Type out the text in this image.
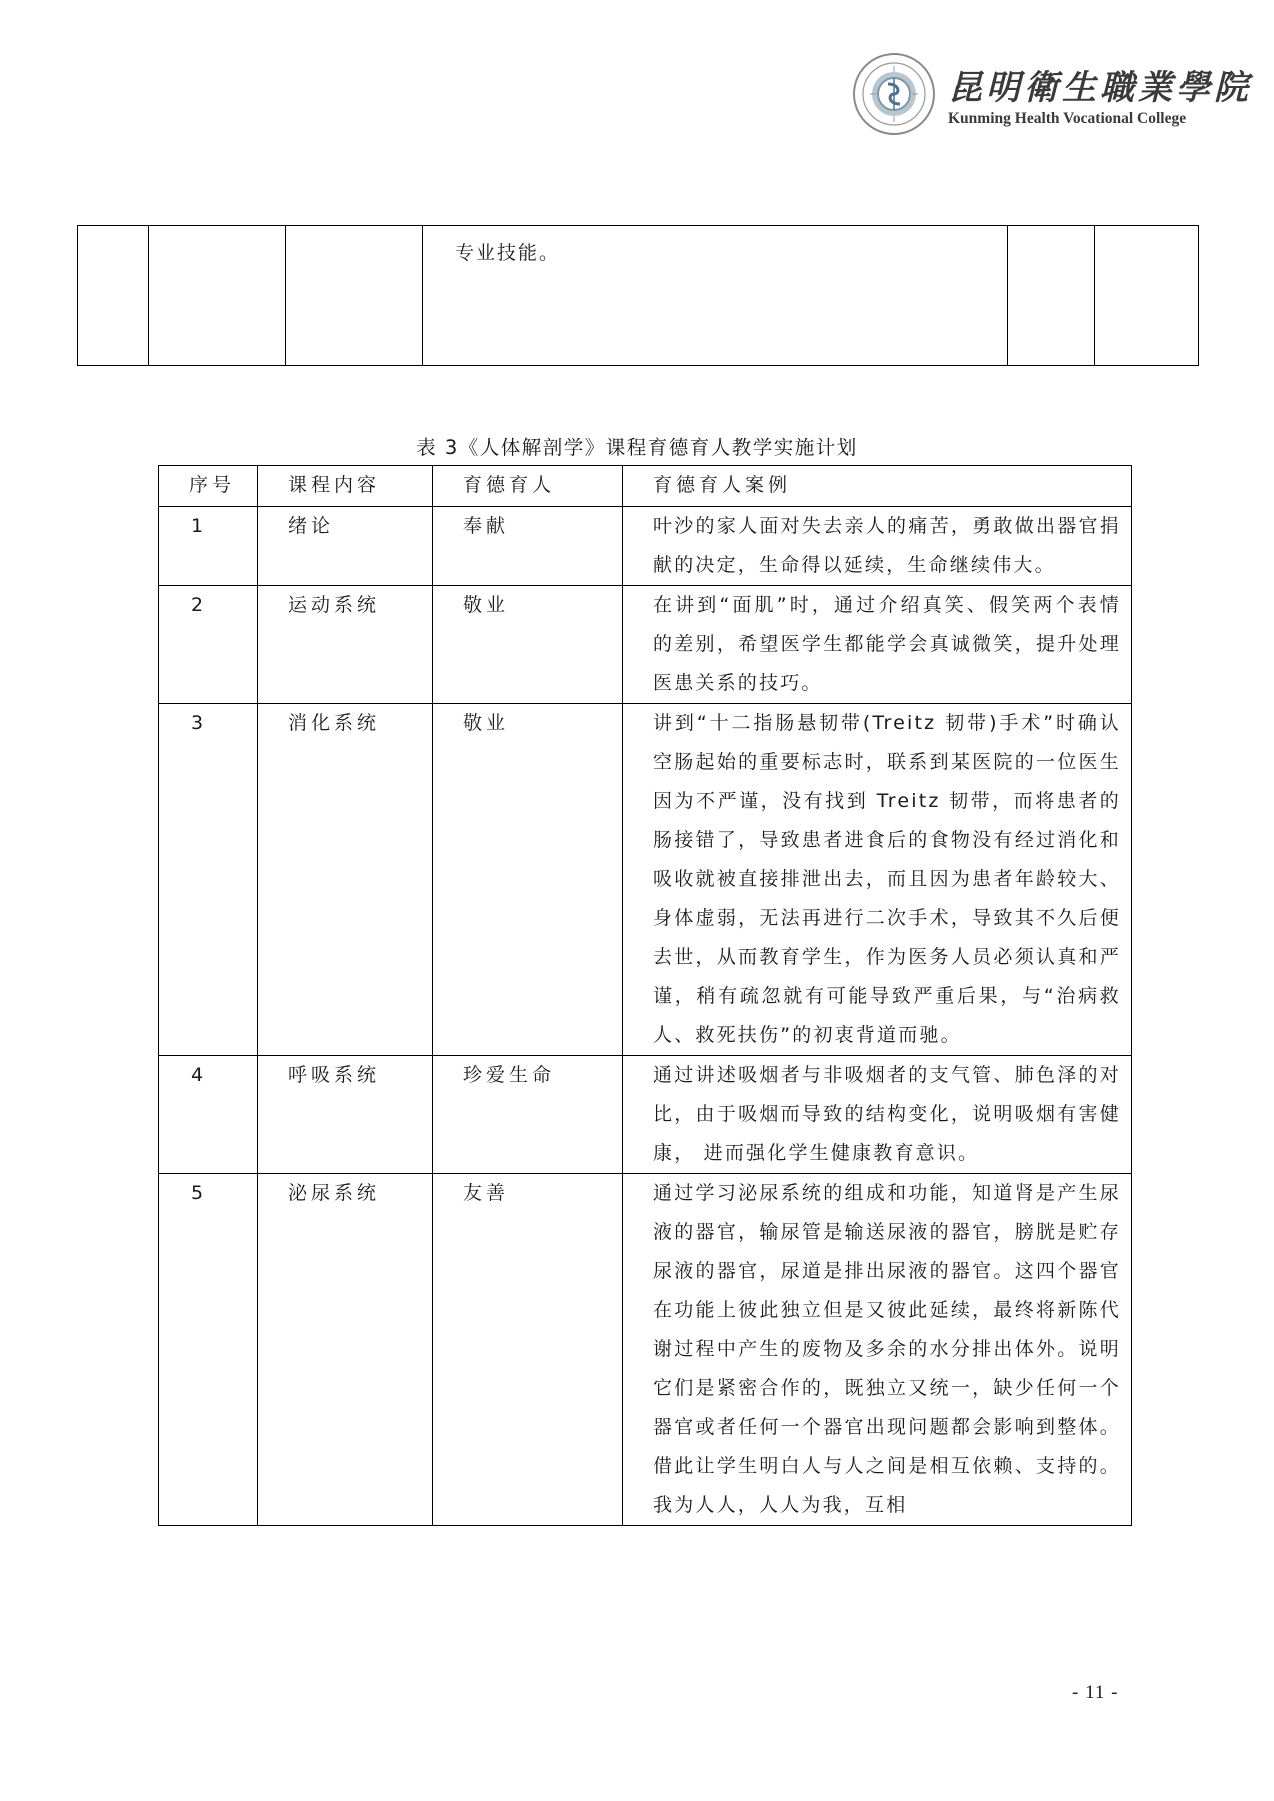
昆明衛生職業學院
Kunming Health Vocational College
			专业技能。		
表 3《人体解剖学》课程育德育人教学实施计划
序号	课程内容	育德育人	育德育人案例
1	绪论	奉献	叶沙的家人面对失去亲人的痛苦，勇敢做出器官捐献的决定，生命得以延续，生命继续伟大。
2	运动系统	敬业	在讲到“面肌”时，通过介绍真笑、假笑两个表情的差别，希望医学生都能学会真诚微笑，提升处理医患关系的技巧。
3	消化系统	敬业	讲到“十二指肠悬韧带(Treitz 韧带)手术”时确认空肠起始的重要标志时，联系到某医院的一位医生因为不严谨，没有找到 Treitz 韧带，而将患者的肠接错了，导致患者进食后的食物没有经过消化和吸收就被直接排泄出去，而且因为患者年龄较大、身体虚弱，无法再进行二次手术，导致其不久后便去世，从而教育学生，作为医务人员必须认真和严谨，稍有疏忽就有可能导致严重后果，与“治病救人、救死扶伤”的初衷背道而驰。
4	呼吸系统	珍爱生命	通过讲述吸烟者与非吸烟者的支气管、肺色泽的对比，由于吸烟而导致的结构变化，说明吸烟有害健康， 进而强化学生健康教育意识。
5	泌尿系统	友善	通过学习泌尿系统的组成和功能，知道肾是产生尿液的器官，输尿管是输送尿液的器官，膀胱是贮存尿液的器官，尿道是排出尿液的器官。这四个器官在功能上彼此独立但是又彼此延续，最终将新陈代谢过程中产生的废物及多余的水分排出体外。说明它们是紧密合作的，既独立又统一，缺少任何一个器官或者任何一个器官出现问题都会影响到整体。借此让学生明白人与人之间是相互依赖、支持的。我为人人，人人为我，互相
- 11 -
